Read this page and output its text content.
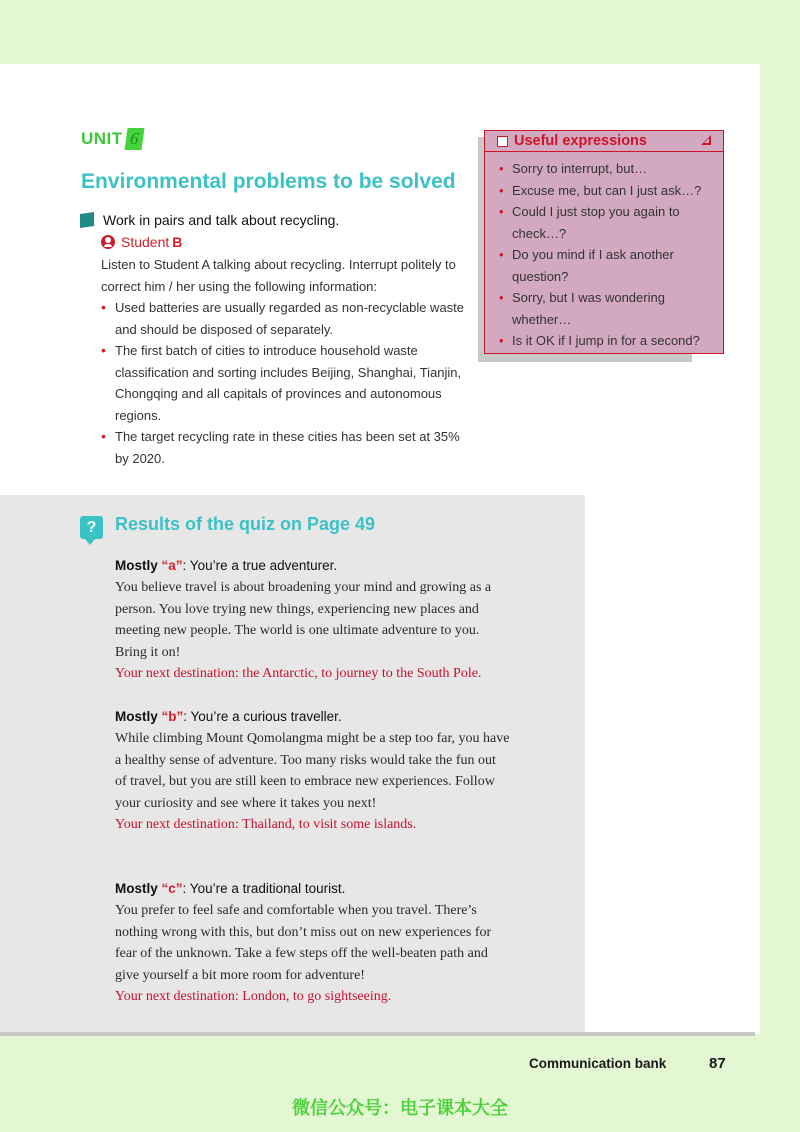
UNIT 6
Environmental problems to be solved
Work in pairs and talk about recycling.
Student B
Listen to Student A talking about recycling. Interrupt politely to correct him / her using the following information:
• Used batteries are usually regarded as non-recyclable waste and should be disposed of separately.
• The first batch of cities to introduce household waste classification and sorting includes Beijing, Shanghai, Tianjin, Chongqing and all capitals of provinces and autonomous regions.
• The target recycling rate in these cities has been set at 35% by 2020.
Useful expressions
• Sorry to interrupt, but…
• Excuse me, but can I just ask…?
• Could I just stop you again to check…?
• Do you mind if I ask another question?
• Sorry, but I was wondering whether…
• Is it OK if I jump in for a second?
?	Results of the quiz on Page 49
Mostly “a”: You’re a true adventurer.
You believe travel is about broadening your mind and growing as a person. You love trying new things, experiencing new places and meeting new people. The world is one ultimate adventure to you. Bring it on!
Your next destination: the Antarctic, to journey to the South Pole.
Mostly “b”: You’re a curious traveller.
While climbing Mount Qomolangma might be a step too far, you have a healthy sense of adventure. Too many risks would take the fun out of travel, but you are still keen to embrace new experiences. Follow your curiosity and see where it takes you next!
Your next destination: Thailand, to visit some islands.
Mostly “c”: You’re a traditional tourist.
You prefer to feel safe and comfortable when you travel. There’s nothing wrong with this, but don’t miss out on new experiences for fear of the unknown. Take a few steps off the well-beaten path and give yourself a bit more room for adventure!
Your next destination: London, to go sightseeing.
Communication bank	87
微信公众号：电子课本大全
